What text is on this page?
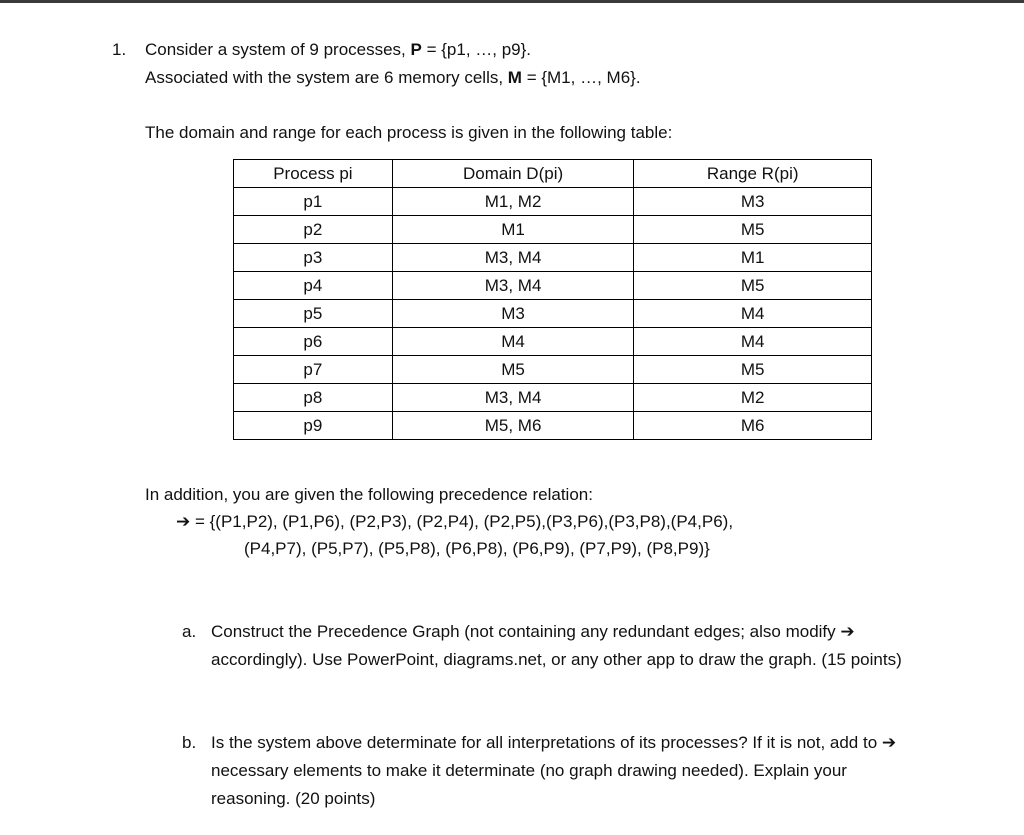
1. Consider a system of 9 processes, P = {p1, …, p9}.
Associated with the system are 6 memory cells, M = {M1, …, M6}.
The domain and range for each process is given in the following table:
Process pi	Domain D(pi)	Range R(pi)
p1	M1, M2	M3
p2	M1	M5
p3	M3, M4	M1
p4	M3, M4	M5
p5	M3	M4
p6	M4	M4
p7	M5	M5
p8	M3, M4	M2
p9	M5, M6	M6
In addition, you are given the following precedence relation:
➔ = {(P1,P2), (P1,P6), (P2,P3), (P2,P4), (P2,P5),(P3,P6),(P3,P8),(P4,P6),
(P4,P7), (P5,P7), (P5,P8), (P6,P8), (P6,P9), (P7,P9), (P8,P9)}
a. Construct the Precedence Graph (not containing any redundant edges; also modify ➔
accordingly). Use PowerPoint, diagrams.net, or any other app to draw the graph. (15 points)
b. Is the system above determinate for all interpretations of its processes? If it is not, add to ➔
necessary elements to make it determinate (no graph drawing needed). Explain your
reasoning. (20 points)
